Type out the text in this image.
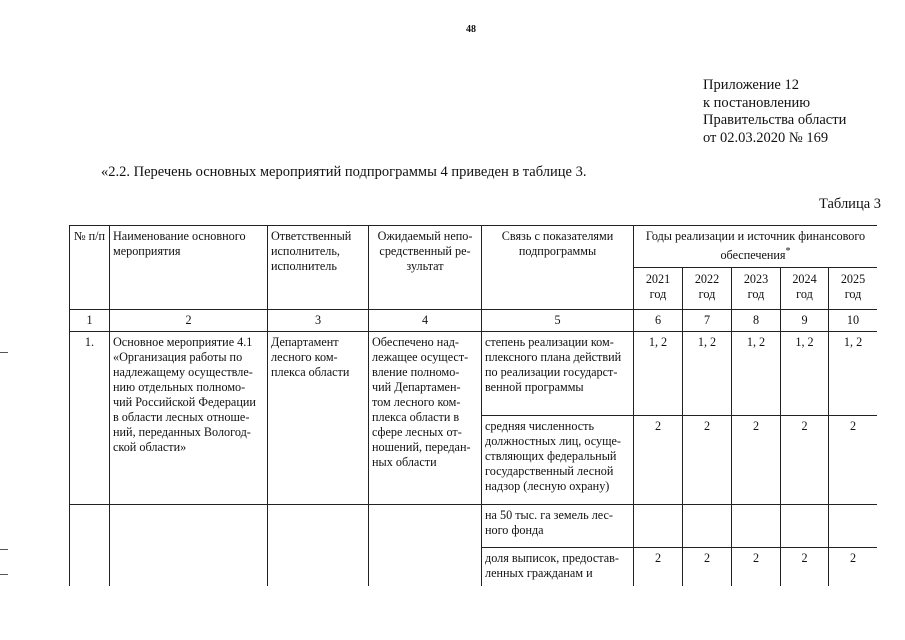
48
Приложение 12
к постановлению
Правительства области
от 02.03.2020 № 169
«2.2. Перечень основных мероприятий подпрограммы 4 приведен в таблице 3.
Таблица 3
№ п/п	Наименование основного мероприятия	Ответственный исполнитель, исполнитель	Ожидаемый непо-средственный ре-зультат	Связь с показателями подпрограммы	Годы реализации и источник финансового обеспечения*
					2021 год	2022 год	2023 год	2024 год	2025 год
1	2	3	4	5	6	7	8	9	10
1.	Основное мероприятие 4.1 «Организация работы по надлежащему осуществле-нию отдельных полномо-чий Российской Федерации в области лесных отноше-ний, переданных Вологод-ской области»	Департамент лесного ком-плекса области	Обеспечено над-лежащее осущест-вление полномо-чий Департамен-том лесного ком-плекса области в сфере лесных от-ношений, передан-ных области	степень реализации ком-плексного плана действий по реализации государст-венной программы	1, 2	1, 2	1, 2	1, 2	1, 2
				средняя численность должностных лиц, осуще-ствляющих федеральный государственный лесной надзор (лесную охрану)	2	2	2	2	2
				на 50 тыс. га земель лес-ного фонда					
				доля выписок, предостав-ленных гражданам и	2	2	2	2	2
